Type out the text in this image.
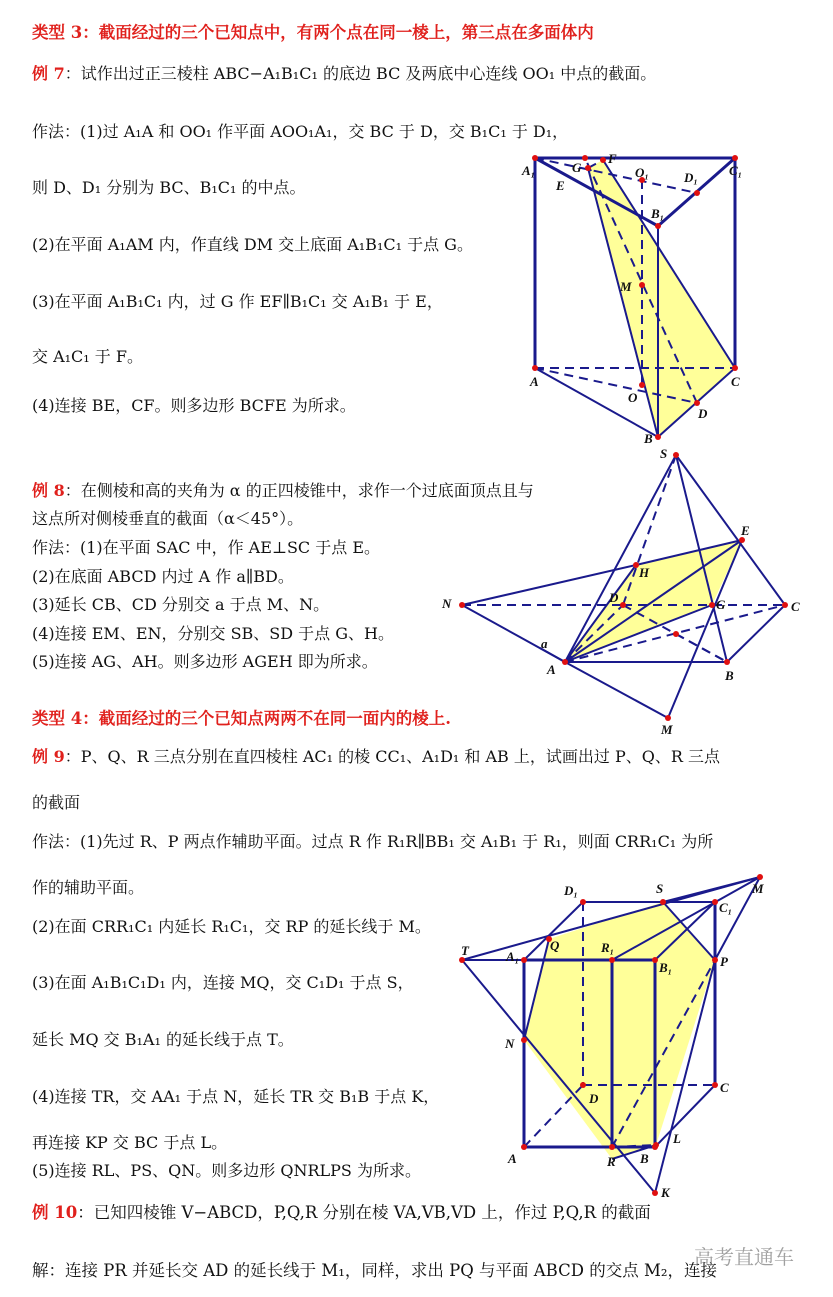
类型 3：截面经过的三个已知点中，有两个点在同一棱上，第三点在多面体内
例 7：试作出过正三棱柱 ABC−A₁B₁C₁ 的底边 BC 及两底中心连线 OO₁ 中点的截面。
作法：(1)过 A₁A 和 OO₁ 作平面 AOO₁A₁，交 BC 于 D，交 B₁C₁ 于 D₁，
则 D、D₁ 分别为 BC、B₁C₁ 的中点。
(2)在平面 A₁AM 内，作直线 DM 交上底面 A₁B₁C₁ 于点 G。
(3)在平面 A₁B₁C₁ 内，过 G 作 EF∥B₁C₁ 交 A₁B₁ 于 E，
交 A₁C₁ 于 F。
(4)连接 BE，CF。则多边形 BCFE 为所求。
A₁	G
F
E
O₁	D₁ C₁
B₁
M
A	C
O
D
B
例 8：在侧棱和高的夹角为 α 的正四棱锥中，求作一个过底面顶点且与
这点所对侧棱垂直的截面（α＜45°）。
作法：(1)在平面 SAC 中，作 AE⊥SC 于点 E。
(2)在底面 ABCD 内过 A 作 a∥BD。
(3)延长 CB、CD 分别交 a 于点 M、N。
(4)连接 EM、EN，分别交 SB、SD 于点 G、H。
(5)连接 AG、AH。则多边形 AGEH 即为所求。
S
E
H
D	G	C
N
a
A	B
M
类型 4：截面经过的三个已知点两两不在同一面内的棱上.
例 9：P、Q、R 三点分别在直四棱柱 AC₁ 的棱 CC₁、A₁D₁ 和 AB 上，试画出过 P、Q、R 三点
的截面
作法：(1)先过 R、P 两点作辅助平面。过点 R 作 R₁R∥BB₁ 交 A₁B₁ 于 R₁，则面 CRR₁C₁ 为所
作的辅助平面。
(2)在面 CRR₁C₁ 内延长 R₁C₁，交 RP 的延长线于 M。
(3)在面 A₁B₁C₁D₁ 内，连接 MQ，交 C₁D₁ 于点 S，
延长 MQ 交 B₁A₁ 的延长线于点 T。
(4)连接 TR，交 AA₁ 于点 N，延长 TR 交 B₁B 于点 K，
再连接 KP 交 BC 于点 L。
(5)连接 RL、PS、QN。则多边形 QNRLPS 为所求。
D₁	S	M
C₁
T	Q	R₁
A₁
B₁	P
N
D
C
L
A	R B
K
例 10：已知四棱锥 V−ABCD，P,Q,R 分别在棱 VA,VB,VD 上，作过 P,Q,R 的截面
解：连接 PR 并延长交 AD 的延长线于 M₁，同样，求出 PQ 与平面 ABCD 的交点 M₂，连接
高考直通车
